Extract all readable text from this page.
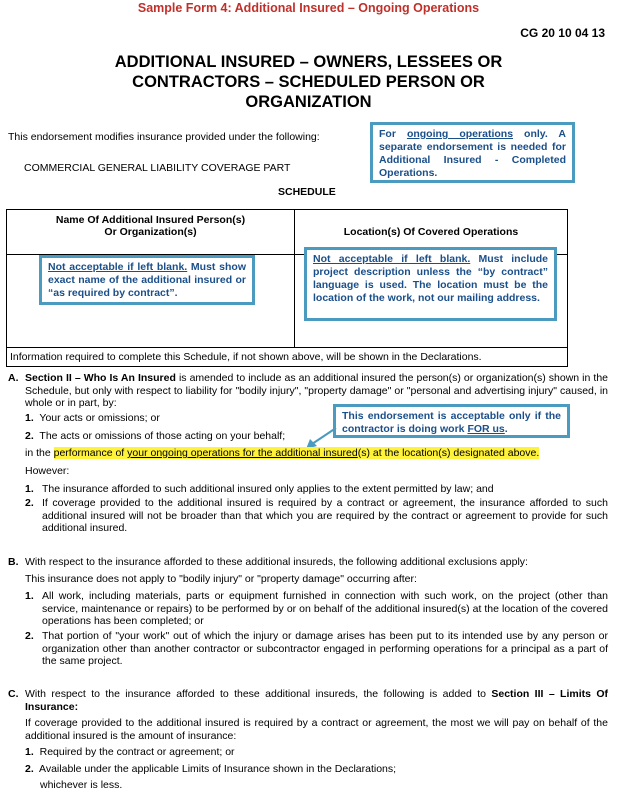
Sample Form 4: Additional Insured – Ongoing Operations
CG 20 10 04 13
ADDITIONAL INSURED – OWNERS, LESSEES OR
CONTRACTORS – SCHEDULED PERSON OR
ORGANIZATION
This endorsement modifies insurance provided under the following:
COMMERCIAL GENERAL LIABILITY COVERAGE PART
SCHEDULE
For ongoing operations only. A separate endorsement is needed for Additional Insured - Completed Operations.
Name Of Additional Insured Person(s)
Or Organization(s)	Location(s) Of Covered Operations

Information required to complete this Schedule, if not shown above, will be shown in the Declarations.	
Not acceptable if left blank. Must show exact name of the additional insured or “as required by contract”.
Not acceptable if left blank. Must include project description unless the “by contract” language is used. The location must be the location of the work, not our mailing address.
A. Section II – Who Is An Insured is amended to include as an additional insured the person(s) or organization(s) shown in the Schedule, but only with respect to liability for "bodily injury", "property damage" or "personal and advertising injury" caused, in whole or in part, by:
1. Your acts or omissions; or
2. The acts or omissions of those acting on your behalf;
This endorsement is acceptable only if the contractor is doing work FOR us.
in the performance of your ongoing operations for the additional insured(s) at the location(s) designated above.
However:
1. The insurance afforded to such additional insured only applies to the extent permitted by law; and
2. If coverage provided to the additional insured is required by a contract or agreement, the insurance afforded to such additional insured will not be broader than that which you are required by the contract or agreement to provide for such additional insured.
B. With respect to the insurance afforded to these additional insureds, the following additional exclusions apply:
This insurance does not apply to "bodily injury" or "property damage" occurring after:
1. All work, including materials, parts or equipment furnished in connection with such work, on the project (other than service, maintenance or repairs) to be performed by or on behalf of the additional insured(s) at the location of the covered operations has been completed; or
2. That portion of "your work" out of which the injury or damage arises has been put to its intended use by any person or organization other than another contractor or subcontractor engaged in performing operations for a principal as a part of the same project.
C. With respect to the insurance afforded to these additional insureds, the following is added to Section III – Limits Of Insurance:
If coverage provided to the additional insured is required by a contract or agreement, the most we will pay on behalf of the additional insured is the amount of insurance:
1. Required by the contract or agreement; or
2. Available under the applicable Limits of Insurance shown in the Declarations;
whichever is less.
